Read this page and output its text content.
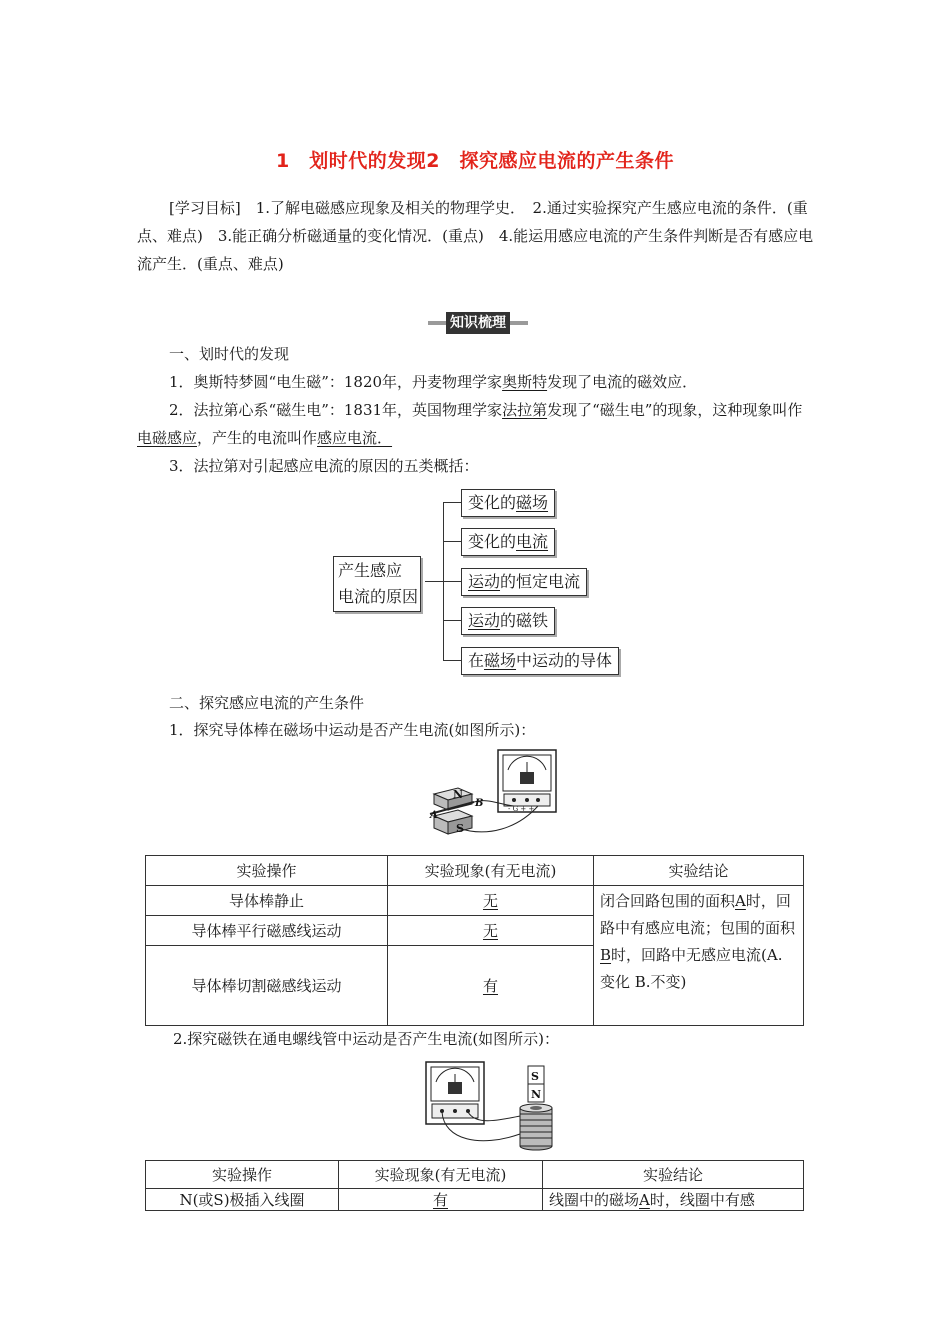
1　划时代的发现2　探究感应电流的产生条件
[学习目标]　 1.了解电磁感应现象及相关的物理学史．　2.通过实验探究产生感应电流的条件．(重点、难点)　3.能正确分析磁通量的变化情况．(重点)　4.能运用感应电流的产生条件判断是否有感应电流产生．(重点、难点)
知识梳理
一、划时代的发现
1．奥斯特梦圆“电生磁”：1820年，丹麦物理学家奥斯特发现了电流的磁效应．
2．法拉第心系“磁生电”：1831年，英国物理学家法拉第发现了“磁生电”的现象，这种现象叫作电磁感应，产生的电流叫作感应电流．
3．法拉第对引起感应电流的原因的五类概括：
产生感应
电流的原因
变化的磁场
变化的电流
运动的恒定电流
运动的磁铁
在磁场中运动的导体
二、探究感应电流的产生条件
1．探究导体棒在磁场中运动是否产生电流(如图所示)：
- G + +
N
S
A
B
实验操作	实验现象(有无电流)	实验结论
导体棒静止	无	闭合回路包围的面积A时，回路中有感应电流；包围的面积B时，回路中无感应电流(A.变化 B.不变)
导体棒平行磁感线运动	无	
导体棒切割磁感线运动	有	
2.探究磁铁在通电螺线管中运动是否产生电流(如图所示)：
S
N
实验操作	实验现象(有无电流)	实验结论
N(或S)极插入线圈	有	线圈中的磁场A时，线圈中有感
